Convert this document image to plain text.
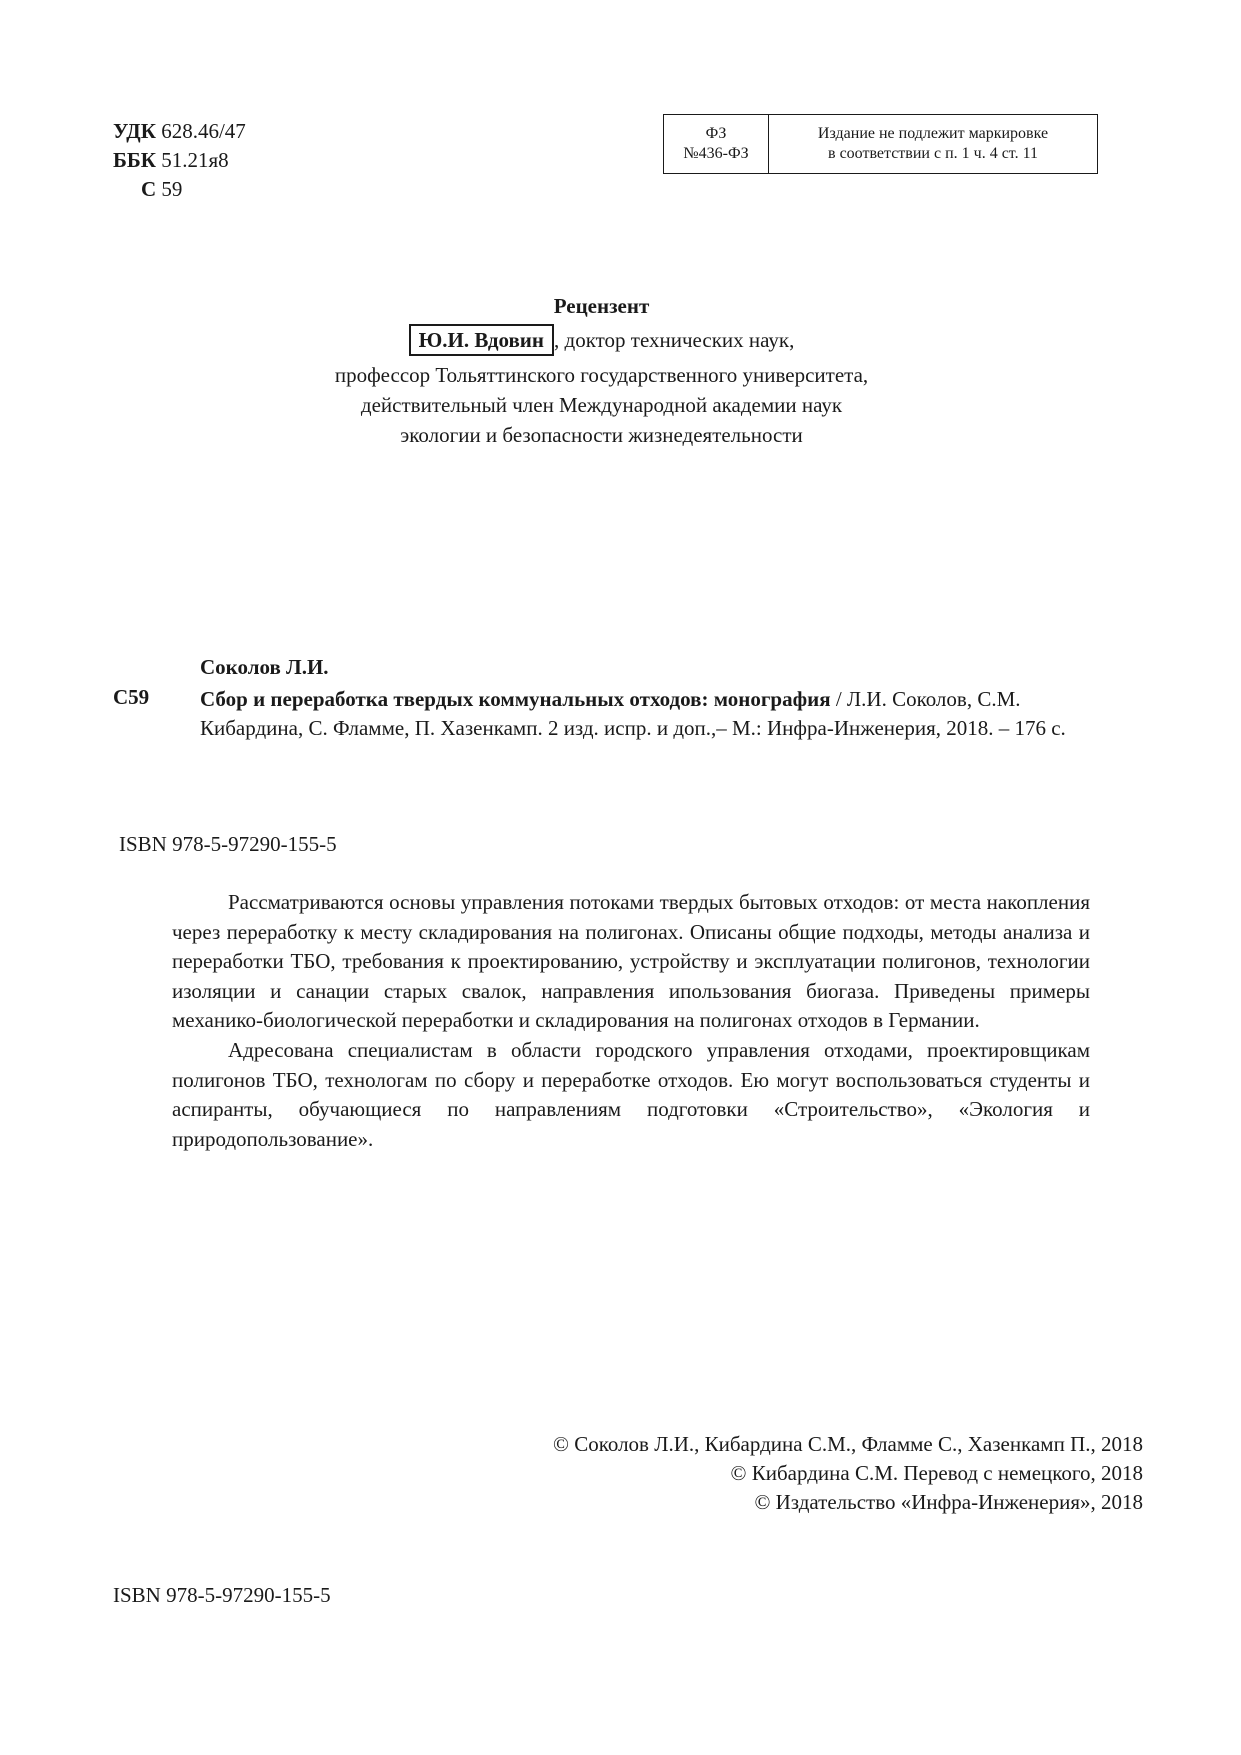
УДК 628.46/47
ББК 51.21я8
С 59
ФЗ
№436-ФЗ
Издание не подлежит маркировке
в соответствии с п. 1 ч. 4 ст. 11
Рецензент
Ю.И. Вдовин , доктор технических наук,
профессор Тольяттинского государственного университета,
действительный член Международной академии наук
экологии и безопасности жизнедеятельности
Соколов Л.И.
С59 Сбор и переработка твердых коммунальных отходов: монография / Л.И. Соколов, С.М. Кибардина, С. Фламме, П. Хазенкамп. 2 изд. испр. и доп.,– М.: Инфра-Инженерия, 2018. – 176 с.
ISBN 978-5-97290-155-5

Рассматриваются основы управления потоками твердых бытовых отходов: от места накопления через переработку к месту складирования на полигонах. Описаны общие подходы, методы анализа и переработки ТБО, требования к проектированию, устройству и эксплуатации полигонов, технологии изоляции и санации старых свалок, направления ипользования биогаза. Приведены примеры механико-биологической переработки и складирования на полигонах отходов в Германии.

Адресована специалистам в области городского управления отходами, проектировщикам полигонов ТБО, технологам по сбору и переработке отходов. Ею могут воспользоваться студенты и аспиранты, обучающиеся по направлениям подготовки «Строительство», «Экология и природопользование».

© Соколов Л.И., Кибардина С.М., Фламме С., Хазенкамп П., 2018
© Кибардина С.М. Перевод с немецкого, 2018
© Издательство «Инфра-Инженерия», 2018
ISBN 978-5-97290-155-5
